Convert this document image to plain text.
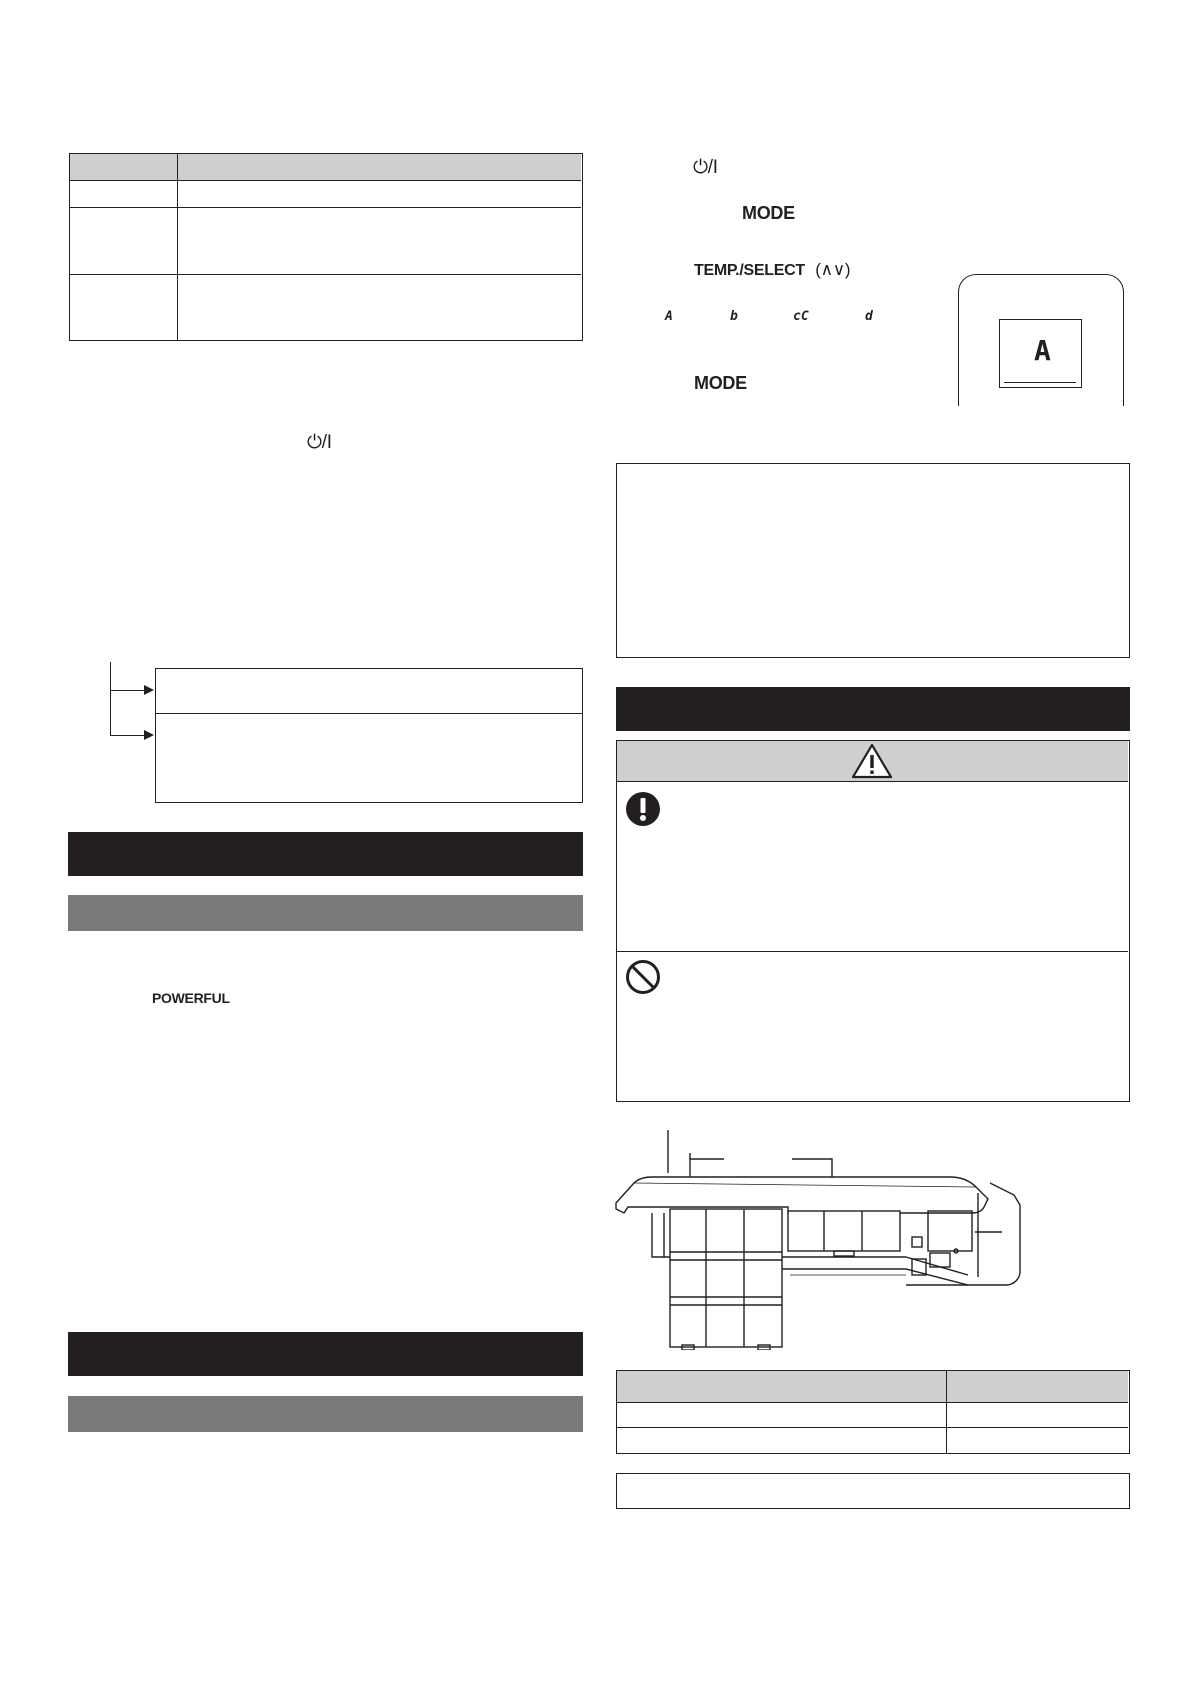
⏻/I
POWERFUL
⏻/I
MODE
TEMP./SELECT (∧∨)
A	b	cC	d
MODE
A
